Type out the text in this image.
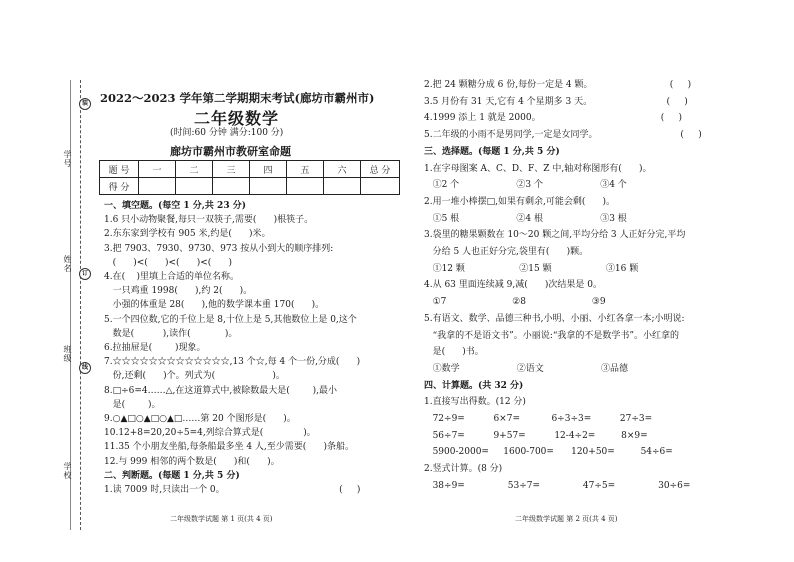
学
号
姓
名
班
级
学
校
装
订
线
2022～2023 学年第二学期期末考试(廊坊市霸州市)
二年级数学
(时间:60 分钟 满分:100 分)
廊坊市霸州市教研室命题
题 号	一	二	三	四	五	六	总 分
得 分							
一、填空题。(每空 1 分,共 23 分)
1.6 只小动物聚餐,每只一双筷子,需要(      )根筷子。
2.东东家到学校有 905 米,约是(      )米。
3.把 7903、7930、9730、973 按从小到大的顺序排列:
(      )<(      )<(      )<(      )
4.在(    )里填上合适的单位名称。
一只鸡重 1998(      ),约 2(      )。
小强的体重是 28(      ),他的数学课本重 170(      )。
5.一个四位数,它的千位上是 8,十位上是 5,其他数位上是 0,这个
数是(          ),读作(            )。
6.拉抽屉是(        )现象。
7.☆☆☆☆☆☆☆☆☆☆☆☆☆,13 个☆,每 4 个一份,分成(      )
份,还剩(      )个。列式为(                    )。
8.□÷6=4……△,在这道算式中,被除数最大是(        ),最小
是(        )。
9.○▲□○▲□○▲□……第 20 个图形是(      )。
10.12+8=20,20÷5=4,列综合算式是(              )。
11.35 个小朋友坐船,每条船最多坐 4 人,至少需要(      )条船。
12.与 999 相邻的两个数是(      )和(      )。
二、判断题。(每题 1 分,共 5 分)
1.读 7009 时,只读出一个 0。                                        (     )
二年级数学试题 第 1 页(共 4 页)
2.把 24 颗糖分成 6 份,每份一定是 4 颗。                           (     )
3.5 月份有 31 天,它有 4 个星期多 3 天。                          (     )
4.1999 添上 1 就是 2000。                                          (     )
5.二年级的小雨不是男同学,一定是女同学。                             (     )
三、选择题。(每题 1 分,共 5 分)
1.在字母图案 A、C、D、F、Z 中,轴对称图形有(      )。
①2 个                    ②3 个                    ③4 个
2.用一堆小棒摆□,如果有剩余,可能会剩(      )。
①5 根                    ②4 根                    ③3 根
3.袋里的糖果颗数在 10～20 颗之间,平均分给 3 人正好分完,平均
分给 5 人也正好分完,袋里有(      )颗。
①12 颗                   ②15 颗                   ③16 颗
4.从 63 里面连续减 9,减(      )次结果是 0。
①7                       ②8                       ③9
5.有语文、数学、品德三种书,小明、小丽、小红各拿一本;小明说:
“我拿的不是语文书”。小丽说:“我拿的不是数学书”。小红拿的
是(      )书。
①数学                    ②语文                    ③品德
四、计算题。(共 32 分)
1.直接写出得数。(12 分)
72÷9=          6×7=           6÷3÷3=          27÷3=
56÷7=          9+57=          12-4÷2=         8×9=
5900-2000=     1600-700=      120+50=         54÷6=
2.竖式计算。(8 分)
38÷9=               53÷7=               47÷5=               30÷6=
二年级数学试题 第 2 页(共 4 页)
